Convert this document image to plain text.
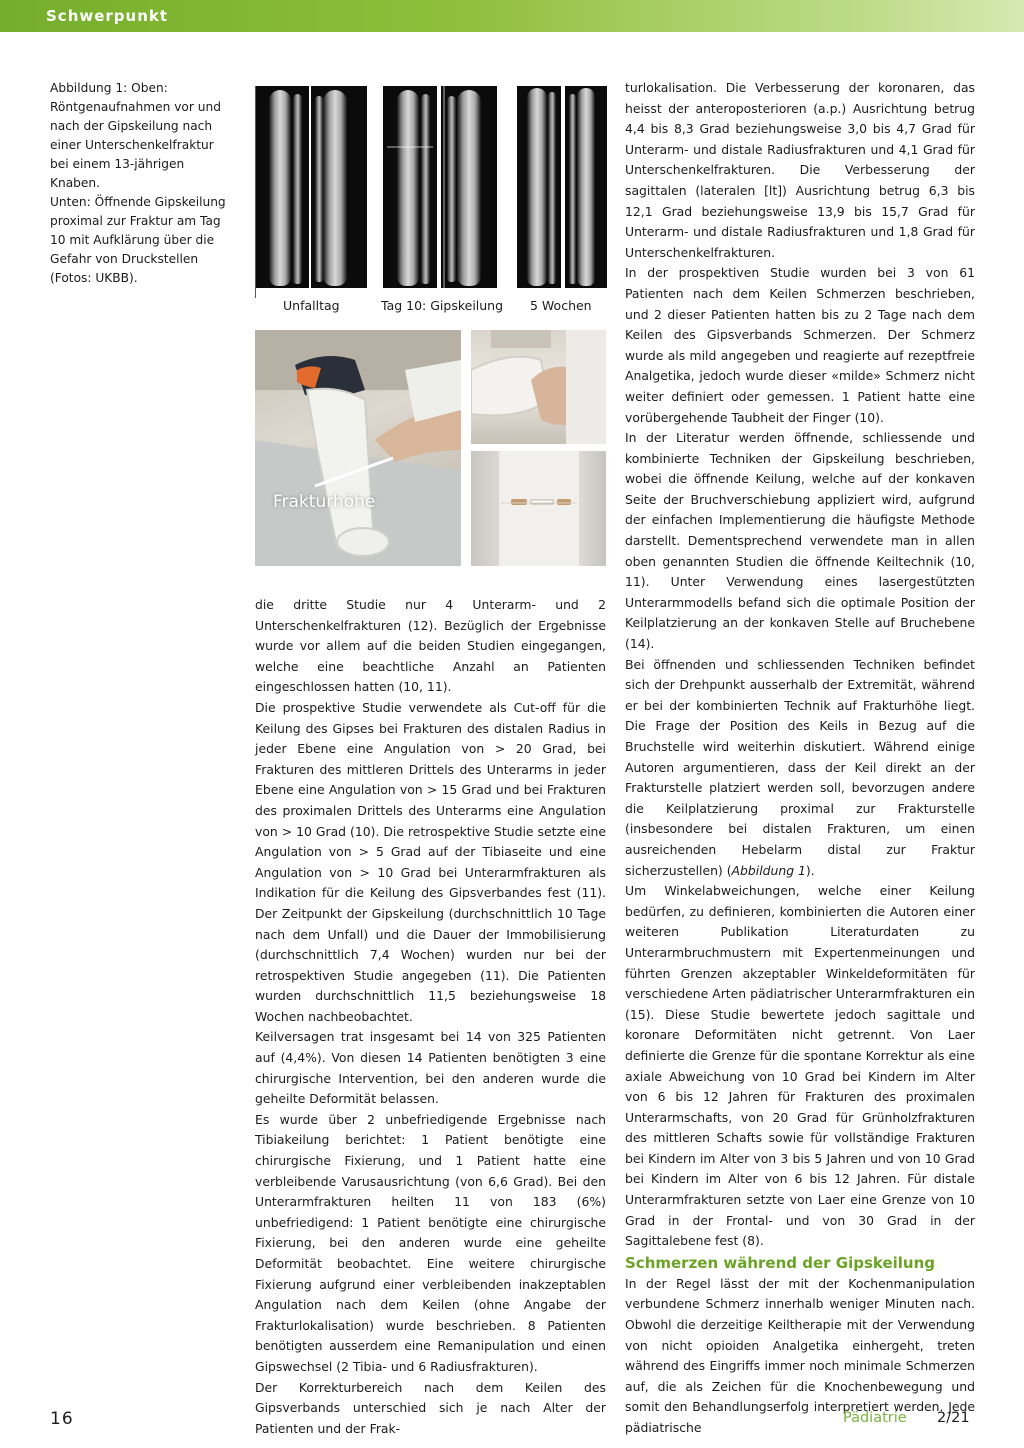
Schwerpunkt

Abbildung 1: Oben: Röntgenaufnahmen vor und nach der Gipskeilung nach einer Unterschenkelfraktur bei einem 13-jährigen Knaben.

Unten: Öffnende Gipskeilung proximal zur Fraktur am Tag 10 mit Aufklärung über die Gefahr von Druckstellen (Fotos: UKBB).

Unfalltag	Tag 10: Gipskeilung 5 Wochen
Frakturhöhe

die dritte Studie nur 4 Unterarm- und 2 Unterschenkelfrakturen (12). Bezüglich der Ergebnisse wurde vor allem auf die beiden Studien eingegangen, welche eine beachtliche Anzahl an Patienten eingeschlossen hatten (10, 11).

Die prospektive Studie verwendete als Cut-off für die Keilung des Gipses bei Frakturen des distalen Radius in jeder Ebene eine Angulation von > 20 Grad, bei Frakturen des mittleren Drittels des Unterarms in jeder Ebene eine Angulation von > 15 Grad und bei Frakturen des proximalen Drittels des Unterarms eine Angulation von > 10 Grad (10). Die retrospektive Studie setzte eine Angulation von > 5 Grad auf der Tibiaseite und eine Angulation von > 10 Grad bei Unterarmfrakturen als Indikation für die Keilung des Gipsverbandes fest (11). Der Zeitpunkt der Gipskeilung (durchschnittlich 10 Tage nach dem Unfall) und die Dauer der Immobilisierung (durchschnittlich 7,4 Wochen) wurden nur bei der retrospektiven Studie angegeben (11). Die Patienten wurden durchschnittlich 11,5 beziehungsweise 18 Wochen nachbeobachtet.

Keilversagen trat insgesamt bei 14 von 325 Patienten auf (4,4%). Von diesen 14 Patienten benötigten 3 eine chirurgische Intervention, bei den anderen wurde die geheilte Deformität belassen.

Es wurde über 2 unbefriedigende Ergebnisse nach Tibiakeilung berichtet: 1 Patient benötigte eine chirurgische Fixierung, und 1 Patient hatte eine verbleibende Varusausrichtung (von 6,6 Grad). Bei den Unterarmfrakturen heilten 11 von 183 (6%) unbefriedigend: 1 Patient benötigte eine chirurgische Fixierung, bei den anderen wurde eine geheilte Deformität beobachtet. Eine weitere chirurgische Fixierung aufgrund einer verbleibenden inakzeptablen Angulation nach dem Keilen (ohne Angabe der Frakturlokalisation) wurde beschrieben. 8 Patienten benötigten ausserdem eine Remanipulation und einen Gipswechsel (2 Tibia- und 6 Radiusfrakturen).

Der Korrekturbereich nach dem Keilen des Gipsverbands unterschied sich je nach Alter der Patienten und der Frak-

turlokalisation. Die Verbesserung der koronaren, das heisst der anteroposterioren (a.p.) Ausrichtung betrug 4,4 bis 8,3 Grad beziehungsweise 3,0 bis 4,7 Grad für Unterarm- und distale Radiusfrakturen und 4,1 Grad für Unterschenkelfrakturen. Die Verbesserung der sagittalen (lateralen [lt]) Ausrichtung betrug 6,3 bis 12,1 Grad beziehungsweise 13,9 bis 15,7 Grad für Unterarm- und distale Radiusfrakturen und 1,8 Grad für Unterschenkelfrakturen.

In der prospektiven Studie wurden bei 3 von 61 Patienten nach dem Keilen Schmerzen beschrieben, und 2 dieser Patienten hatten bis zu 2 Tage nach dem Keilen des Gipsverbands Schmerzen. Der Schmerz wurde als mild angegeben und reagierte auf rezeptfreie Analgetika, jedoch wurde dieser «milde» Schmerz nicht weiter definiert oder gemessen. 1 Patient hatte eine vorübergehende Taubheit der Finger (10).

In der Literatur werden öffnende, schliessende und kombinierte Techniken der Gipskeilung beschrieben, wobei die öffnende Keilung, welche auf der konkaven Seite der Bruchverschiebung appliziert wird, aufgrund der einfachen Implementierung die häufigste Methode darstellt. Dementsprechend verwendete man in allen oben genannten Studien die öffnende Keiltechnik (10, 11). Unter Verwendung eines lasergestützten Unterarmmodells befand sich die optimale Position der Keilplatzierung an der konkaven Stelle auf Bruchebene (14).

Bei öffnenden und schliessenden Techniken befindet sich der Drehpunkt ausserhalb der Extremität, während er bei der kombinierten Technik auf Frakturhöhe liegt. Die Frage der Position des Keils in Bezug auf die Bruchstelle wird weiterhin diskutiert. Während einige Autoren argumentieren, dass der Keil direkt an der Frakturstelle platziert werden soll, bevorzugen andere die Keilplatzierung proximal zur Frakturstelle (insbesondere bei distalen Frakturen, um einen ausreichenden Hebelarm distal zur Fraktur sicherzustellen) (Abbildung 1).

Um Winkelabweichungen, welche einer Keilung bedürfen, zu definieren, kombinierten die Autoren einer weiteren Publikation Literaturdaten zu Unterarmbruchmustern mit Expertenmeinungen und führten Grenzen akzeptabler Winkeldeformitäten für verschiedene Arten pädiatrischer Unterarmfrakturen ein (15). Diese Studie bewertete jedoch sagittale und koronare Deformitäten nicht getrennt. Von Laer definierte die Grenze für die spontane Korrektur als eine axiale Abweichung von 10 Grad bei Kindern im Alter von 6 bis 12 Jahren für Frakturen des proximalen Unterarmschafts, von 20 Grad für Grünholzfrakturen des mittleren Schafts sowie für vollständige Frakturen bei Kindern im Alter von 3 bis 5 Jahren und von 10 Grad bei Kindern im Alter von 6 bis 12 Jahren. Für distale Unterarmfrakturen setzte von Laer eine Grenze von 10 Grad in der Frontal- und von 30 Grad in der Sagittalebene fest (8).

Schmerzen während der Gipskeilung

In der Regel lässt der mit der Kochenmanipulation verbundene Schmerz innerhalb weniger Minuten nach. Obwohl die derzeitige Keiltherapie mit der Verwendung von nicht opioiden Analgetika einhergeht, treten während des Eingriffs immer noch minimale Schmerzen auf, die als Zeichen für die Knochenbewegung und somit den Behandlungserfolg interpretiert werden. Jede pädiatrische

16	Pädiatrie 2/21
